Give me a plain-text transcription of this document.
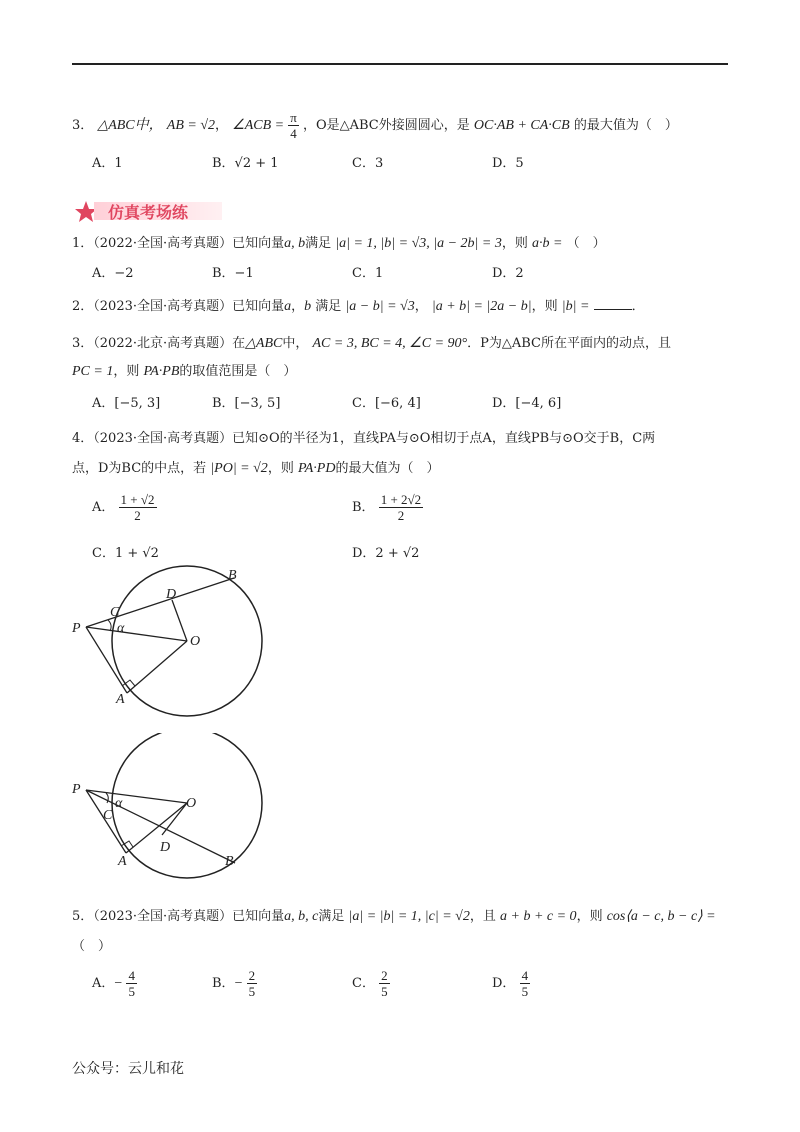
3． △ABC中， AB = √2， ∠ACB = $\frac{\pi}{4}$ ，O是△ABC外接圆圆心，是 OC·AB + CA·CB 的最大值为（　）
A．1	B．√2 + 1	C．3	D．5
仿真考场练
1．（2022·全国·高考真题）已知向量a, b满足 |a| = 1, |b| = √3, |a − 2b| = 3，则 a·b = （　）
A．−2	B．−1	C．1	D．2
2．（2023·全国·高考真题）已知向量a，b 满足 |a − b| = √3， |a + b| = |2a − b|，则 |b| =	．
3．（2022·北京·高考真题）在△ABC中， AC = 3, BC = 4, ∠C = 90°．P为△ABC所在平面内的动点，且
PC = 1，则 PA·PB的取值范围是（　）
A．[−5, 3]	B．[−3, 5]	C．[−6, 4]	D．[−4, 6]
4．（2023·全国·高考真题）已知⊙O的半径为1，直线PA与⊙O相切于点A，直线PB与⊙O交于B，C两
点，D为BC的中点，若 |PO| = √2，则 PA·PD的最大值为（　）
A． $\frac{1 + √2}{2}$	B． $\frac{1 + 2√2}{2}$
C．1 + √2	D．2 + √2
P
C
D
B
O
A
α
P
C
D
B
O
A
α
5．（2023·全国·高考真题）已知向量a, b, c满足 |a| = |b| = 1, |c| = √2，且 a + b + c = 0，则 cos⟨a − c, b − c⟩ =
（　）
A．− $\frac{4}{5}$	B．− $\frac{2}{5}$	C． $\frac{2}{5}$	D． $\frac{4}{5}$
公众号：云儿和花
